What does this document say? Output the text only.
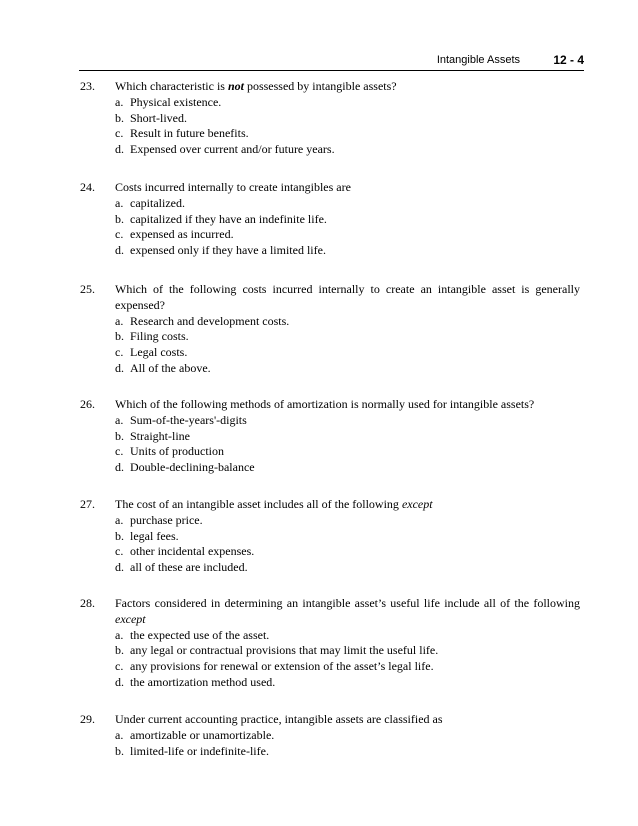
Intangible Assets	12 - 4
23. Which characteristic is not possessed by intangible assets?
a. Physical existence.
b. Short-lived.
c. Result in future benefits.
d. Expensed over current and/or future years.
24. Costs incurred internally to create intangibles are
a. capitalized.
b. capitalized if they have an indefinite life.
c. expensed as incurred.
d. expensed only if they have a limited life.
25. Which of the following costs incurred internally to create an intangible asset is generally expensed?
a. Research and development costs.
b. Filing costs.
c. Legal costs.
d. All of the above.
26. Which of the following methods of amortization is normally used for intangible assets?
a. Sum-of-the-years'-digits
b. Straight-line
c. Units of production
d. Double-declining-balance
27. The cost of an intangible asset includes all of the following except
a. purchase price.
b. legal fees.
c. other incidental expenses.
d. all of these are included.
28. Factors considered in determining an intangible asset’s useful life include all of the following except
a. the expected use of the asset.
b. any legal or contractual provisions that may limit the useful life.
c. any provisions for renewal or extension of the asset’s legal life.
d. the amortization method used.
29. Under current accounting practice, intangible assets are classified as
a. amortizable or unamortizable.
b. limited-life or indefinite-life.
